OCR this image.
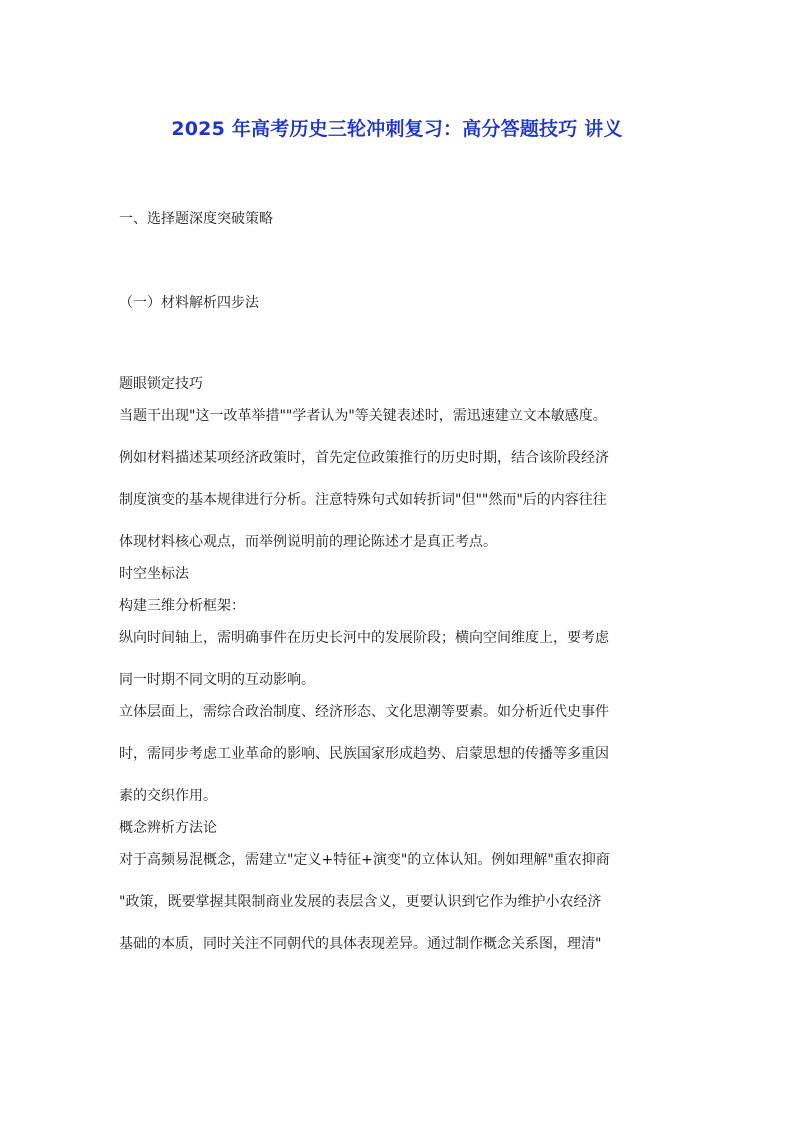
2025 年高考历史三轮冲刺复习：高分答题技巧 讲义
一、选择题深度突破策略
（一）材料解析四步法
题眼锁定技巧
当题干出现"这一改革举措""学者认为"等关键表述时，需迅速建立文本敏感度。
例如材料描述某项经济政策时，首先定位政策推行的历史时期，结合该阶段经济
制度演变的基本规律进行分析。注意特殊句式如转折词"但""然而"后的内容往往
体现材料核心观点，而举例说明前的理论陈述才是真正考点。
时空坐标法
构建三维分析框架：
纵向时间轴上，需明确事件在历史长河中的发展阶段；横向空间维度上，要考虑
同一时期不同文明的互动影响。
立体层面上，需综合政治制度、经济形态、文化思潮等要素。如分析近代史事件
时，需同步考虑工业革命的影响、民族国家形成趋势、启蒙思想的传播等多重因
素的交织作用。
概念辨析方法论
对于高频易混概念，需建立"定义+特征+演变"的立体认知。例如理解"重农抑商
"政策，既要掌握其限制商业发展的表层含义，更要认识到它作为维护小农经济
基础的本质，同时关注不同朝代的具体表现差异。通过制作概念关系图，理清"
